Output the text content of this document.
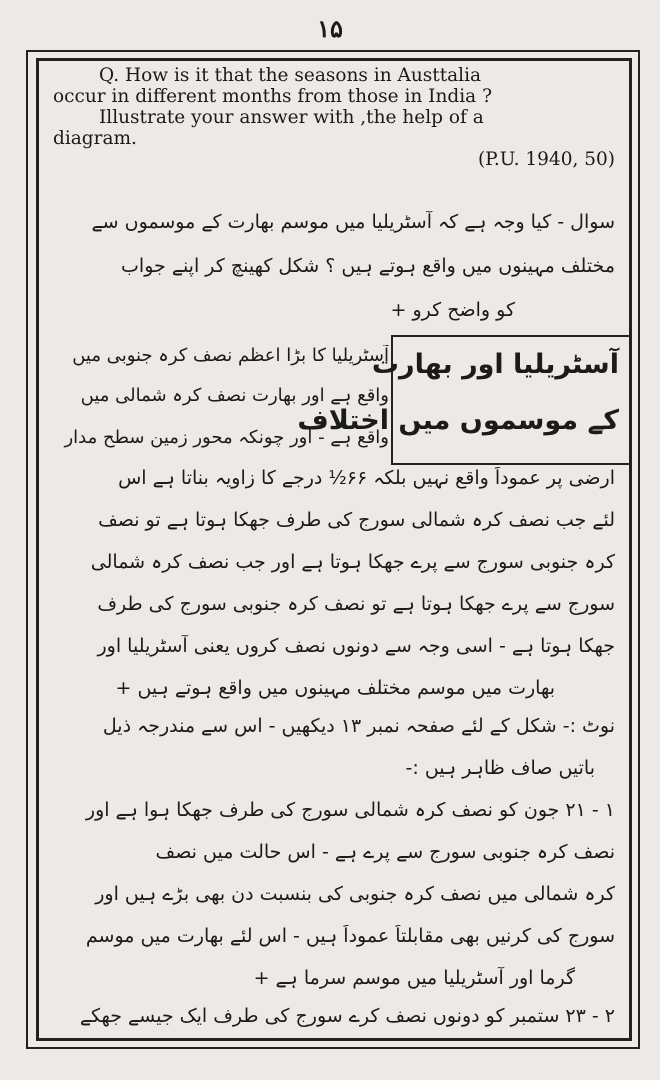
۱۵
Q. How is it that the seasons in Austtalia
occur in different months from those in India ?
Illustrate your answer with ,the help of a
diagram.
(P.U. 1940, 50)
سوال - کیا وجہ ہے کہ آسٹریلیا میں موسم بھارت کے موسموں سے
مختلف مہینوں میں واقع ہوتے ہیں ؟ شکل کھینچ کر اپنے جواب
کو واضح کرو +
آسٹریلیا اور بھارت
کے موسموں میں اختلاف
آسٹریلیا کا بڑا اعظم نصف کرہ جنوبی میں
واقع ہے اور بھارت نصف کرہ شمالی میں
واقع ہے - اور چونکہ محور زمین سطح مدار
ارضی پر عموداً واقع نہیں بلکہ ۶۶½ درجے کا زاویہ بناتا ہے اس
لئے جب نصف کرہ شمالی سورج کی طرف جھکا ہوتا ہے تو نصف
کرہ جنوبی سورج سے پرے جھکا ہوتا ہے اور جب نصف کرہ شمالی
سورج سے پرے جھکا ہوتا ہے تو نصف کرہ جنوبی سورج کی طرف
جھکا ہوتا ہے - اسی وجہ سے دونوں نصف کروں یعنی آسٹریلیا اور
بھارت میں موسم مختلف مہینوں میں واقع ہوتے ہیں +
نوٹ :- شکل کے لئے صفحہ نمبر ۱۳ دیکھیں - اس سے مندرجہ ذیل
باتیں صاف ظاہر ہیں :-
۱ - ۲۱ جون کو نصف کرہ شمالی سورج کی طرف جھکا ہوا ہے اور
نصف کرہ جنوبی سورج سے پرے ہے - اس حالت میں نصف
کرہ شمالی میں نصف کرہ جنوبی کی بنسبت دن بھی بڑے ہیں اور
سورج کی کرنیں بھی مقابلتاً عموداً ہیں - اس لئے بھارت میں موسم
گرما اور آسٹریلیا میں موسم سرما ہے +
۲ - ۲۳ ستمبر کو دونوں نصف کرے سورج کی طرف ایک جیسے جھکے
